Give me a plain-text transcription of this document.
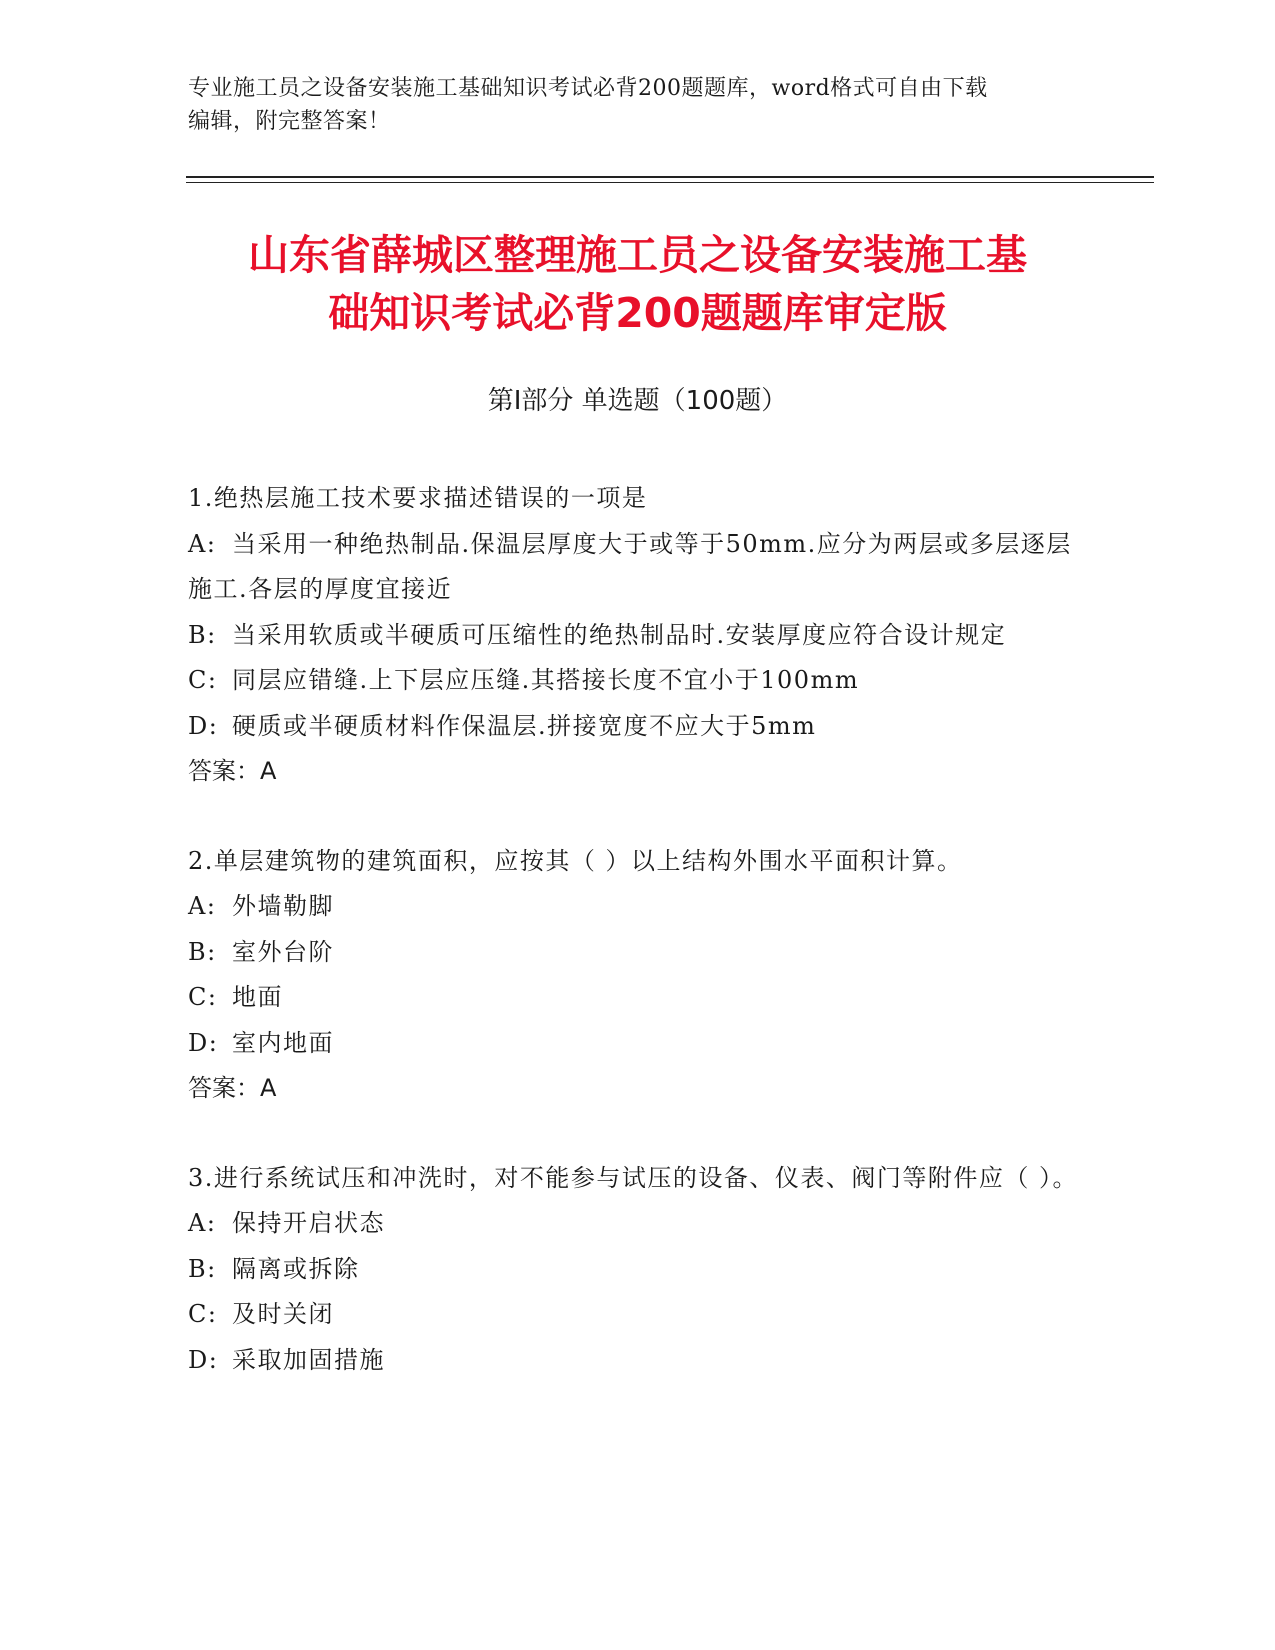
专业施工员之设备安装施工基础知识考试必背200题题库，word格式可自由下载
编辑，附完整答案！
山东省薛城区整理施工员之设备安装施工基
础知识考试必背200题题库审定版
第I部分 单选题（100题）
1.绝热层施工技术要求描述错误的一项是
A: 当采用一种绝热制品.保温层厚度大于或等于50mm.应分为两层或多层逐层施工.各层的厚度宜接近
B: 当采用软质或半硬质可压缩性的绝热制品时.安装厚度应符合设计规定
C: 同层应错缝.上下层应压缝.其搭接长度不宜小于100mm
D: 硬质或半硬质材料作保温层.拼接宽度不应大于5mm
答案：A
2.单层建筑物的建筑面积，应按其（ ）以上结构外围水平面积计算。
A: 外墙勒脚
B: 室外台阶
C: 地面
D: 室内地面
答案：A
3.进行系统试压和冲洗时，对不能参与试压的设备、仪表、阀门等附件应（ ）。
A: 保持开启状态
B: 隔离或拆除
C: 及时关闭
D: 采取加固措施
